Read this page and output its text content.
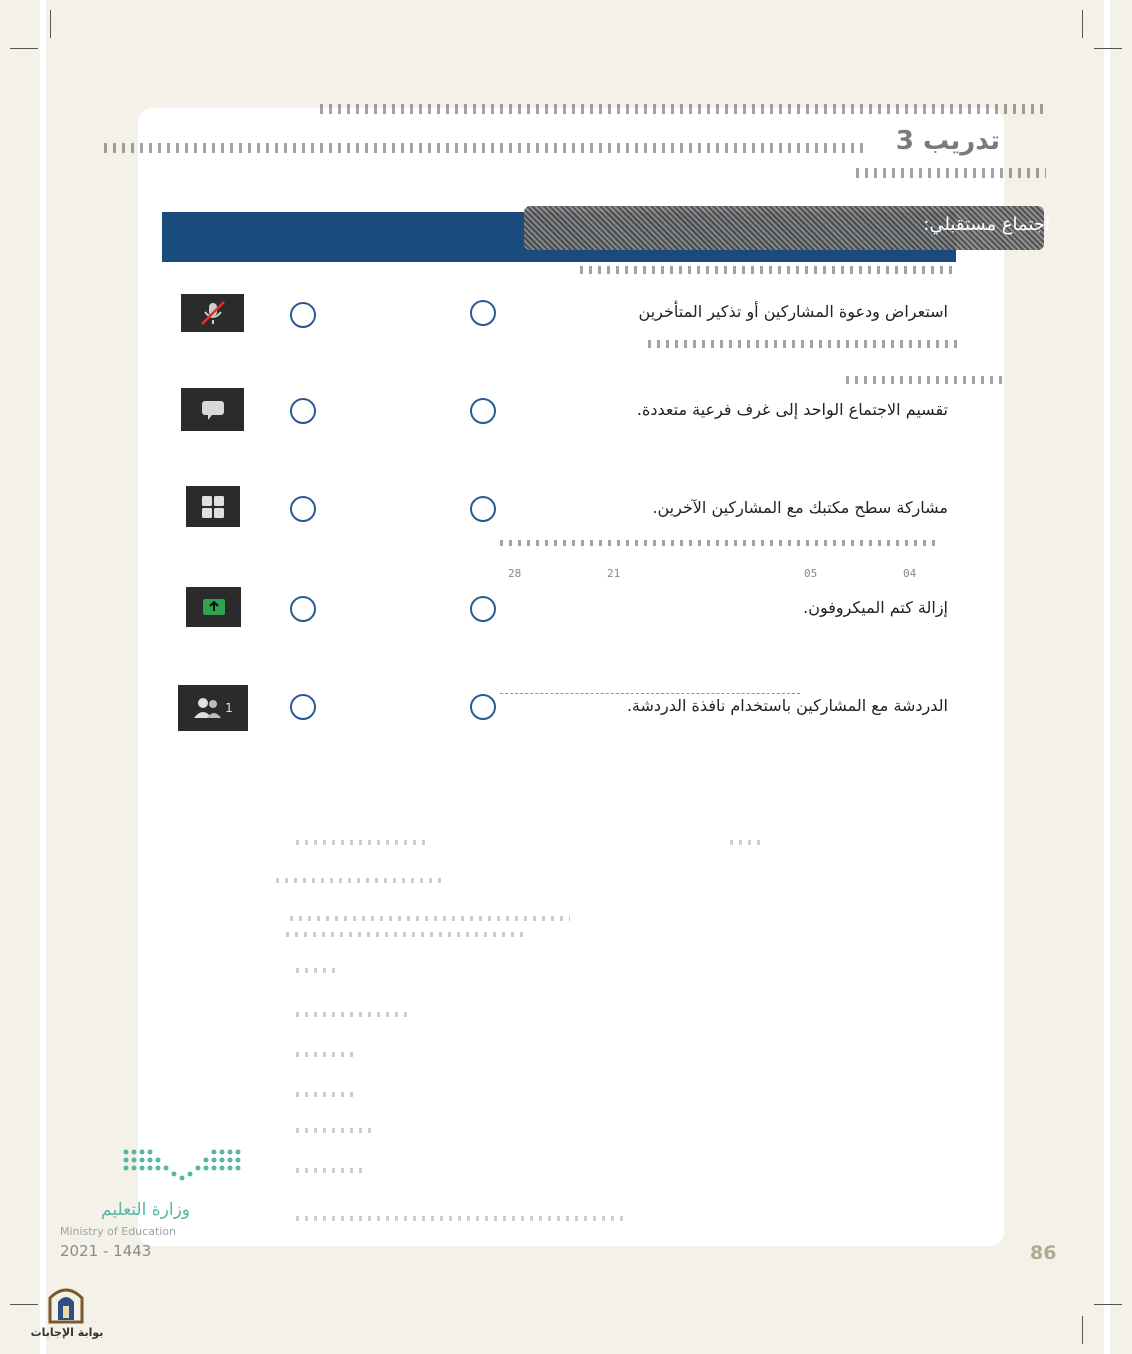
تدريب 3
اجتماع مستقبلي:
استعراض ودعوة المشاركين أو تذكير المتأخرين
تقسيم الاجتماع الواحد إلى غرف فرعية متعددة.
مشاركة سطح مكتبك مع المشاركين الآخرين.
28	21	05	04
إزالة كتم الميكروفون.
1	الدردشة مع المشاركين باستخدام نافذة الدردشة.
وزارة التعليم
Ministry of Education
2021 - 1443	86
بوابة الإجابات
